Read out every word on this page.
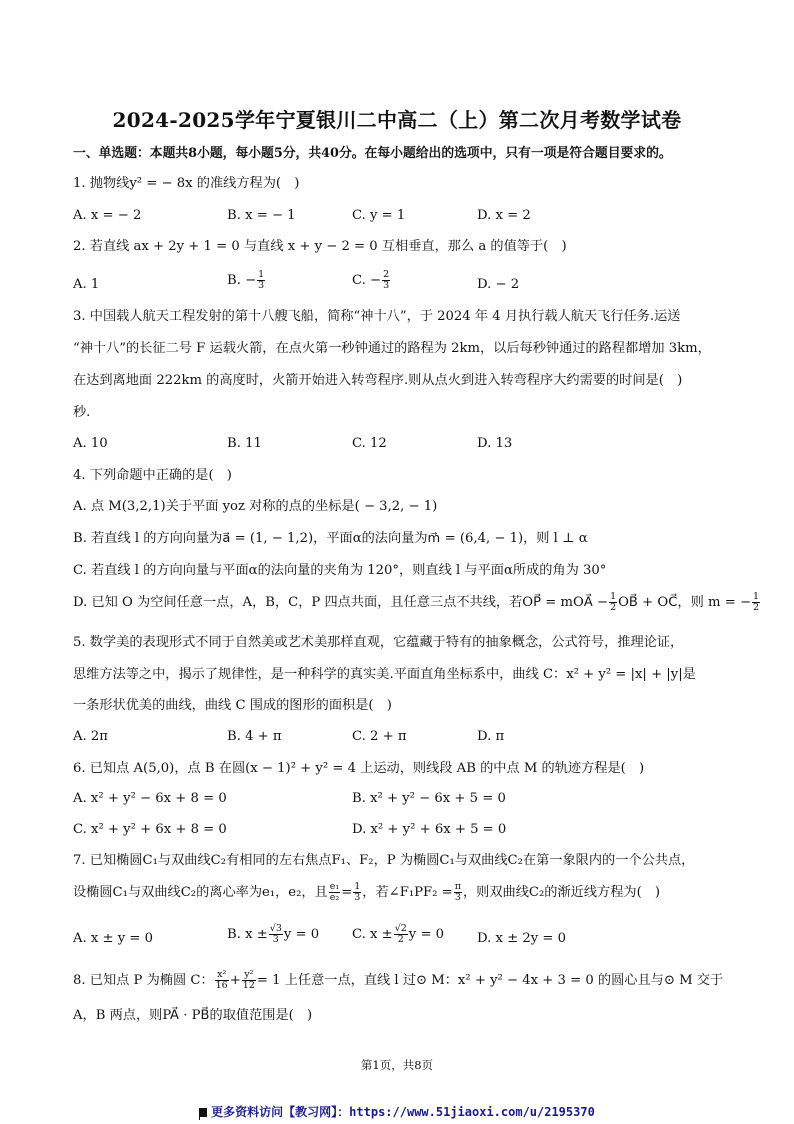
2024-2025学年宁夏银川二中高二（上）第二次月考数学试卷
一、单选题：本题共8小题，每小题5分，共40分。在每小题给出的选项中，只有一项是符合题目要求的。
1. 抛物线y² = − 8x 的准线方程为(　)
A. x = − 2	B. x = − 1	C. y = 1	D. x = 2
2. 若直线 ax + 2y + 1 = 0 与直线 x + y − 2 = 0 互相垂直，那么 a 的值等于(　)
A. 1	B. − $\frac{1}{3}$	C. − $\frac{2}{3}$	D. − 2
3. 中国载人航天工程发射的第十八艘飞船，简称“神十八”，于 2024 年 4 月执行载人航天飞行任务.运送
“神十八”的长征二号 F 运载火箭，在点火第一秒钟通过的路程为 2km，以后每秒钟通过的路程都增加 3km，
在达到离地面 222km 的高度时，火箭开始进入转弯程序.则从点火到进入转弯程序大约需要的时间是(　)
秒.
A. 10	B. 11	C. 12	D. 13
4. 下列命题中正确的是(　)
A. 点 M(3,2,1)关于平面 yoz 对称的点的坐标是( − 3,2, − 1)
B. 若直线 l 的方向向量为a⃗ = (1, − 1,2)，平面α的法向量为m⃗ = (6,4, − 1)，则 l ⊥ α
C. 若直线 l 的方向向量与平面α的法向量的夹角为 120°，则直线 l 与平面α所成的角为 30°
D. 已知 O 为空间任意一点，A，B，C，P 四点共面，且任意三点不共线，若OP⃗ = mOA⃗ − $\frac{1}{2}$ OB⃗ + OC⃗，则 m = − $\frac{1}{2}$
5. 数学美的表现形式不同于自然美或艺术美那样直观，它蕴藏于特有的抽象概念，公式符号，推理论证，
思维方法等之中，揭示了规律性，是一种科学的真实美.平面直角坐标系中，曲线 C：x² + y² = |x| + |y|是
一条形状优美的曲线，曲线 C 围成的图形的面积是(　)
A. 2π	B. 4 + π	C. 2 + π	D. π
6. 已知点 A(5,0)，点 B 在圆(x − 1)² + y² = 4 上运动，则线段 AB 的中点 M 的轨迹方程是(　)
A. x² + y² − 6x + 8 = 0	B. x² + y² − 6x + 5 = 0
C. x² + y² + 6x + 8 = 0	D. x² + y² + 6x + 5 = 0
7. 已知椭圆C₁与双曲线C₂有相同的左右焦点F₁、F₂，P 为椭圆C₁与双曲线C₂在第一象限内的一个公共点，
设椭圆C₁与双曲线C₂的离心率为e₁，e₂，且 $\frac{\text{e₁}}{\text{e₂}} = \frac{1}{3}$ ，若∠F₁PF₂ = $\frac{\pi}{3}$ ，则双曲线C₂的渐近线方程为(　)
A. x ± y = 0	B. $x \pm \frac{√3}{3}$ y = 0 C. $x \pm \frac{√2}{2}$ y = 0 D. x ± 2y = 0
8. 已知点 P 为椭圆 C： $\frac{\text{x²}}{16} + \frac{\text{y²}}{12} = 1$ 上任意一点，直线 l 过⊙ M：x² + y² − 4x + 3 = 0 的圆心且与⊙ M 交于
A，B 两点，则PA⃗ · PB⃗的取值范围是(　)
第1页，共8页
更多资料访问【教习网】：https://www.51jiaoxi.com/u/2195370
